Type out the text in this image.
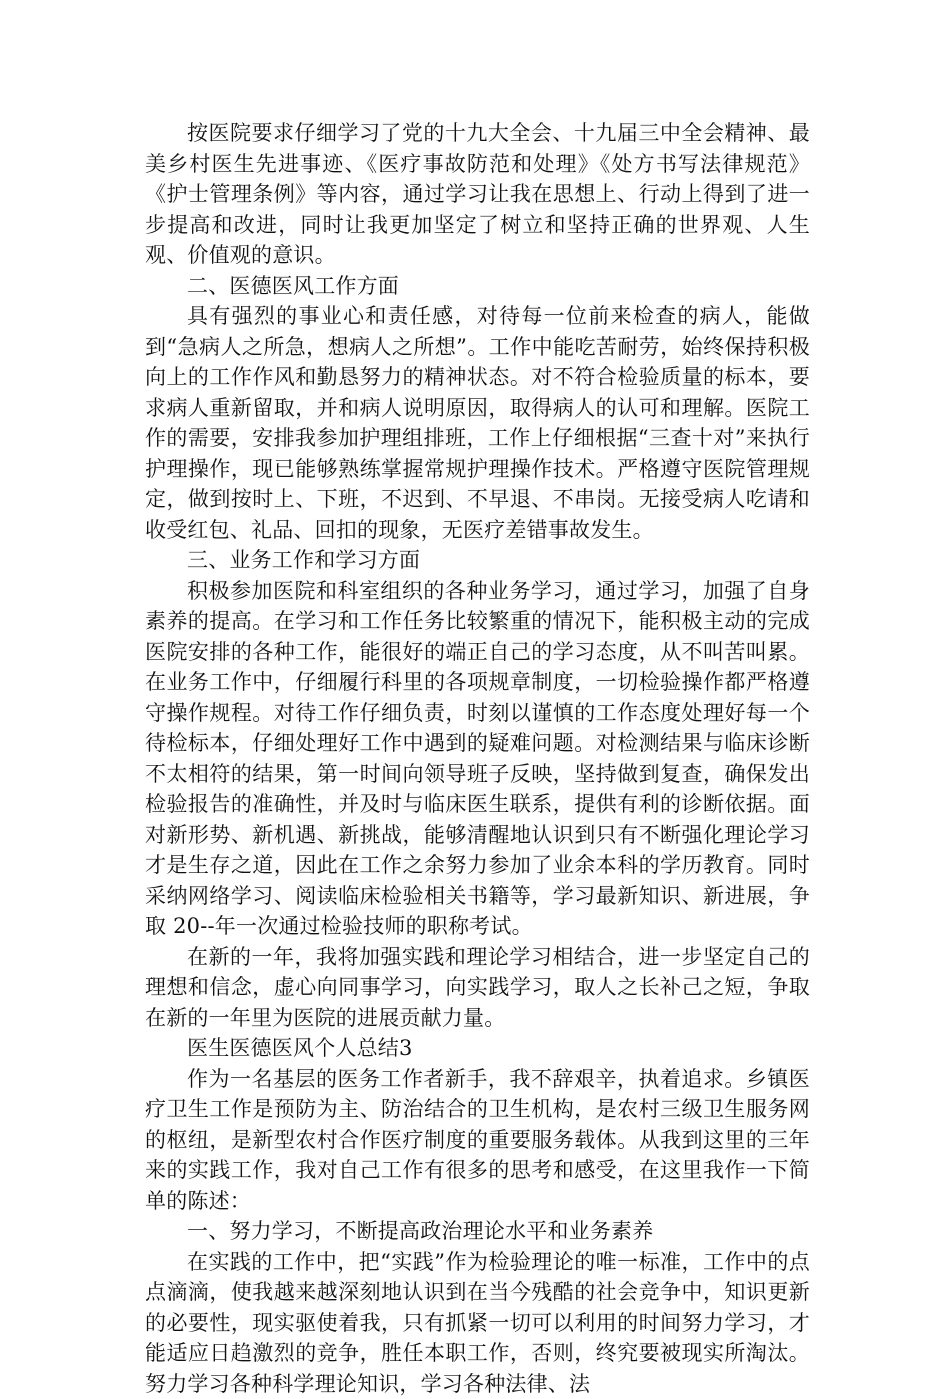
按医院要求仔细学习了党的十九大全会、十九届三中全会精神、最美乡村医生先进事迹、《医疗事故防范和处理》《处方书写法律规范》《护士管理条例》等内容，通过学习让我在思想上、行动上得到了进一步提高和改进，同时让我更加坚定了树立和坚持正确的世界观、人生观、价值观的意识。

二、医德医风工作方面

具有强烈的事业心和责任感，对待每一位前来检查的病人，能做到“急病人之所急，想病人之所想”。工作中能吃苦耐劳，始终保持积极向上的工作作风和勤恳努力的精神状态。对不符合检验质量的标本，要求病人重新留取，并和病人说明原因，取得病人的认可和理解。医院工作的需要，安排我参加护理组排班，工作上仔细根据“三查十对”来执行护理操作，现已能够熟练掌握常规护理操作技术。严格遵守医院管理规定，做到按时上、下班，不迟到、不早退、不串岗。无接受病人吃请和收受红包、礼品、回扣的现象，无医疗差错事故发生。

三、业务工作和学习方面

积极参加医院和科室组织的各种业务学习，通过学习，加强了自身素养的提高。在学习和工作任务比较繁重的情况下，能积极主动的完成医院安排的各种工作，能很好的端正自己的学习态度，从不叫苦叫累。在业务工作中，仔细履行科里的各项规章制度，一切检验操作都严格遵守操作规程。对待工作仔细负责，时刻以谨慎的工作态度处理好每一个待检标本，仔细处理好工作中遇到的疑难问题。对检测结果与临床诊断不太相符的结果，第一时间向领导班子反映，坚持做到复查，确保发出检验报告的准确性，并及时与临床医生联系，提供有利的诊断依据。面对新形势、新机遇、新挑战，能够清醒地认识到只有不断强化理论学习才是生存之道，因此在工作之余努力参加了业余本科的学历教育。同时采纳网络学习、阅读临床检验相关书籍等，学习最新知识、新进展，争取 20--年一次通过检验技师的职称考试。

在新的一年，我将加强实践和理论学习相结合，进一步坚定自己的理想和信念，虚心向同事学习，向实践学习，取人之长补己之短，争取在新的一年里为医院的进展贡献力量。

医生医德医风个人总结3

作为一名基层的医务工作者新手，我不辞艰辛，执着追求。乡镇医疗卫生工作是预防为主、防治结合的卫生机构，是农村三级卫生服务网的枢纽，是新型农村合作医疗制度的重要服务载体。从我到这里的三年来的实践工作，我对自己工作有很多的思考和感受，在这里我作一下简单的陈述：

一、努力学习，不断提高政治理论水平和业务素养

在实践的工作中，把“实践”作为检验理论的唯一标准，工作中的点点滴滴，使我越来越深刻地认识到在当今残酷的社会竞争中，知识更新的必要性，现实驱使着我，只有抓紧一切可以利用的时间努力学习，才能适应日趋激烈的竞争，胜任本职工作，否则，终究要被现实所淘汰。努力学习各种科学理论知识，学习各种法律、法
